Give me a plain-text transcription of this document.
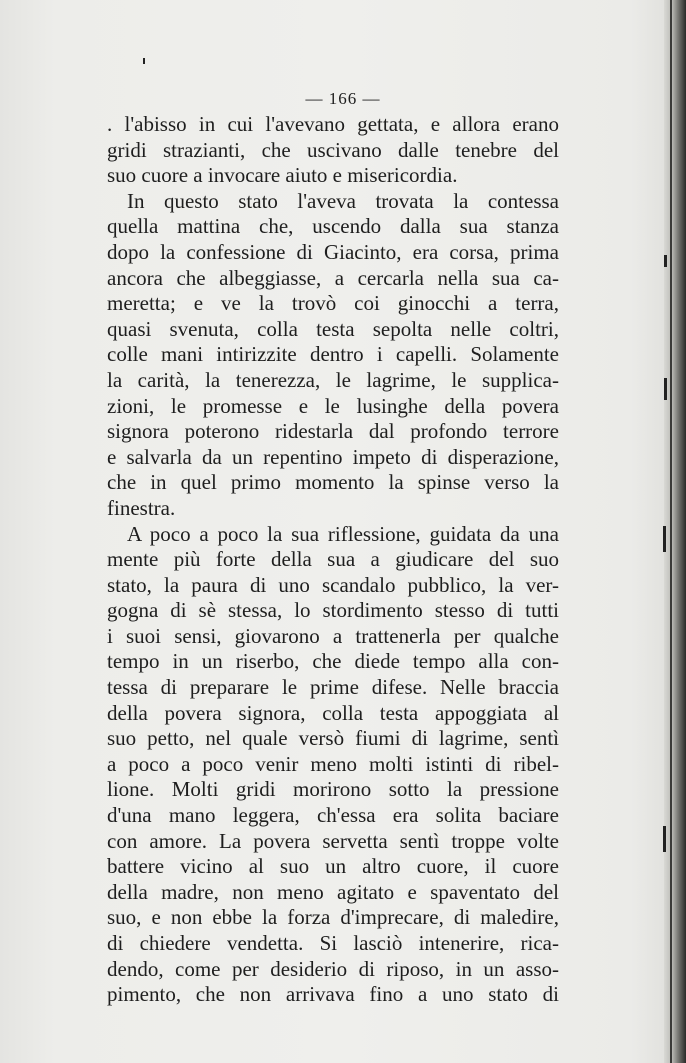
— 166 —
. l'abisso in cui l'avevano gettata, e allora erano
gridi strazianti, che uscivano dalle tenebre del
suo cuore a invocare aiuto e misericordia.
In questo stato l'aveva trovata la contessa
quella mattina che, uscendo dalla sua stanza
dopo la confessione di Giacinto, era corsa, prima
ancora che albeggiasse, a cercarla nella sua ca-
meretta; e ve la trovò coi ginocchi a terra,
quasi svenuta, colla testa sepolta nelle coltri,
colle mani intirizzite dentro i capelli. Solamente
la carità, la tenerezza, le lagrime, le supplica-
zioni, le promesse e le lusinghe della povera
signora poterono ridestarla dal profondo terrore
e salvarla da un repentino impeto di disperazione,
che in quel primo momento la spinse verso la
finestra.
A poco a poco la sua riflessione, guidata da una
mente più forte della sua a giudicare del suo
stato, la paura di uno scandalo pubblico, la ver-
gogna di sè stessa, lo stordimento stesso di tutti
i suoi sensi, giovarono a trattenerla per qualche
tempo in un riserbo, che diede tempo alla con-
tessa di preparare le prime difese. Nelle braccia
della povera signora, colla testa appoggiata al
suo petto, nel quale versò fiumi di lagrime, sentì
a poco a poco venir meno molti istinti di ribel-
lione. Molti gridi morirono sotto la pressione
d'una mano leggera, ch'essa era solita baciare
con amore. La povera servetta sentì troppe volte
battere vicino al suo un altro cuore, il cuore
della madre, non meno agitato e spaventato del
suo, e non ebbe la forza d'imprecare, di maledire,
di chiedere vendetta. Si lasciò intenerire, rica-
dendo, come per desiderio di riposo, in un asso-
pimento, che non arrivava fino a uno stato di
